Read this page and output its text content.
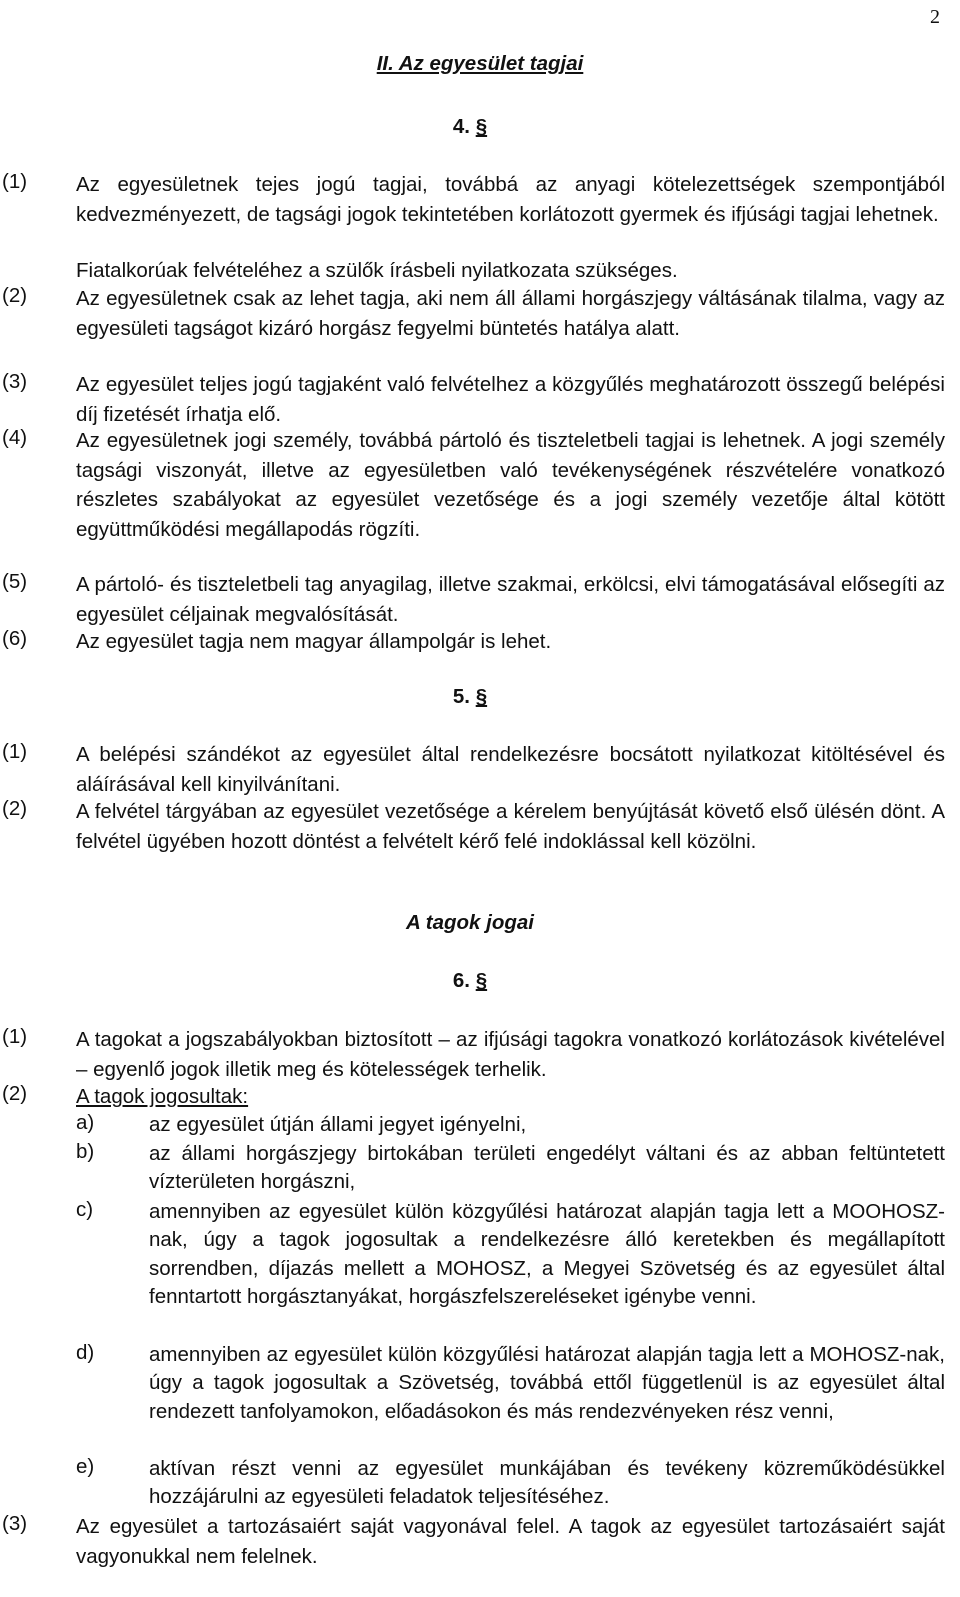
2
II. Az egyesület tagjai
4. §
(1) Az egyesületnek tejes jogú tagjai, továbbá az anyagi kötelezettségek szempontjából kedvezményezett, de tagsági jogok tekintetében korlátozott gyermek és ifjúsági tagjai lehetnek.
Fiatalkorúak felvételéhez a szülők írásbeli nyilatkozata szükséges.
(2) Az egyesületnek csak az lehet tagja, aki nem áll állami horgászjegy váltásának tilalma, vagy az egyesületi tagságot kizáró horgász fegyelmi büntetés hatálya alatt.
(3) Az egyesület teljes jogú tagjaként való felvételhez a közgyűlés meghatározott összegű belépési díj fizetését írhatja elő.
(4) Az egyesületnek jogi személy, továbbá pártoló és tiszteletbeli tagjai is lehetnek. A jogi személy tagsági viszonyát, illetve az egyesületben való tevékenységének részvételére vonatkozó részletes szabályokat az egyesület vezetősége és a jogi személy vezetője által kötött együttműködési megállapodás rögzíti.
(5) A pártoló- és tiszteletbeli tag anyagilag, illetve szakmai, erkölcsi, elvi támogatásával elősegíti az egyesület céljainak megvalósítását.
(6) Az egyesület tagja nem magyar állampolgár is lehet.
5. §
(1) A belépési szándékot az egyesület által rendelkezésre bocsátott nyilatkozat kitöltésével és aláírásával kell kinyilvánítani.
(2) A felvétel tárgyában az egyesület vezetősége a kérelem benyújtását követő első ülésén dönt. A felvétel ügyében hozott döntést a felvételt kérő felé indoklással kell közölni.
A tagok jogai
6. §
(1) A tagokat a jogszabályokban biztosított – az ifjúsági tagokra vonatkozó korlátozások kivételével – egyenlő jogok illetik meg és kötelességek terhelik.
(2) A tagok jogosultak:
a)	az egyesület útján állami jegyet igényelni,
b)	az állami horgászjegy birtokában területi engedélyt váltani és az abban feltüntetett vízterületen horgászni,
c)	amennyiben az egyesület külön közgyűlési határozat alapján tagja lett a MOOHOSZ-nak, úgy a tagok jogosultak a rendelkezésre álló keretekben és megállapított sorrendben, díjazás mellett a MOHOSZ, a Megyei Szövetség és az egyesület által fenntartott horgásztanyákat, horgászfelszereléseket igénybe venni.
d)	amennyiben az egyesület külön közgyűlési határozat alapján tagja lett a MOHOSZ-nak, úgy a tagok jogosultak a Szövetség, továbbá ettől függetlenül is az egyesület által rendezett tanfolyamokon, előadásokon és más rendezvényeken rész venni,
e)	aktívan részt venni az egyesület munkájában és tevékeny közreműködésükkel hozzájárulni az egyesületi feladatok teljesítéséhez.
(3) Az egyesület a tartozásaiért saját vagyonával felel. A tagok az egyesület tartozásaiért saját vagyonukkal nem felelnek.
